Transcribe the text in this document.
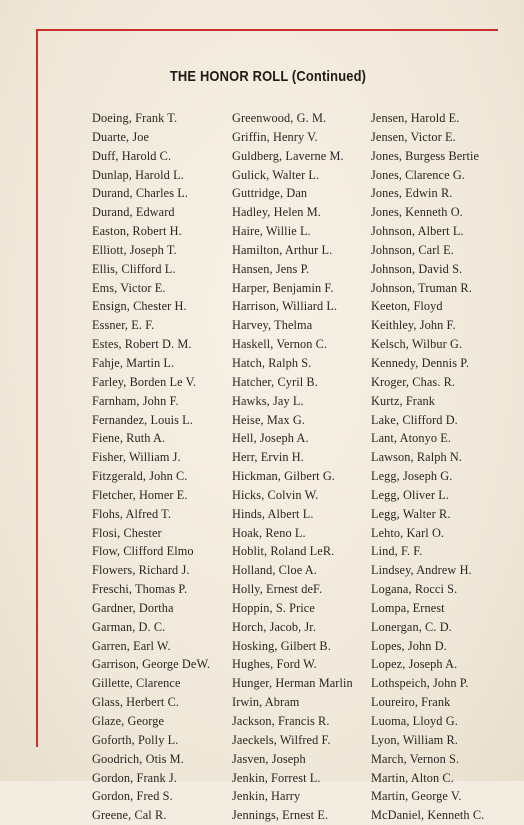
THE HONOR ROLL (Continued)
Doeing, Frank T.
Duarte, Joe
Duff, Harold C.
Dunlap, Harold L.
Durand, Charles L.
Durand, Edward
Easton, Robert H.
Elliott, Joseph T.
Ellis, Clifford L.
Ems, Victor E.
Ensign, Chester H.
Essner, E. F.
Estes, Robert D. M.
Fahje, Martin L.
Farley, Borden Le V.
Farnham, John F.
Fernandez, Louis L.
Fiene, Ruth A.
Fisher, William J.
Fitzgerald, John C.
Fletcher, Homer E.
Flohs, Alfred T.
Flosi, Chester
Flow, Clifford Elmo
Flowers, Richard J.
Freschi, Thomas P.
Gardner, Dortha
Garman, D. C.
Garren, Earl W.
Garrison, George DeW.
Gillette, Clarence
Glass, Herbert C.
Glaze, George
Goforth, Polly L.
Goodrich, Otis M.
Gordon, Frank J.
Gordon, Fred S.
Greene, Cal R.
Greenwood, G. M.
Griffin, Henry V.
Guldberg, Laverne M.
Gulick, Walter L.
Guttridge, Dan
Hadley, Helen M.
Haire, Willie L.
Hamilton, Arthur L.
Hansen, Jens P.
Harper, Benjamin F.
Harrison, Williard L.
Harvey, Thelma
Haskell, Vernon C.
Hatch, Ralph S.
Hatcher, Cyril B.
Hawks, Jay L.
Heise, Max G.
Hell, Joseph A.
Herr, Ervin H.
Hickman, Gilbert G.
Hicks, Colvin W.
Hinds, Albert L.
Hoak, Reno L.
Hoblit, Roland LeR.
Holland, Cloe A.
Holly, Ernest deF.
Hoppin, S. Price
Horch, Jacob, Jr.
Hosking, Gilbert B.
Hughes, Ford W.
Hunger, Herman Marlin
Irwin, Abram
Jackson, Francis R.
Jaeckels, Wilfred F.
Jasven, Joseph
Jenkin, Forrest L.
Jenkin, Harry
Jennings, Ernest E.
Jensen, Harold E.
Jensen, Victor E.
Jones, Burgess Bertie
Jones, Clarence G.
Jones, Edwin R.
Jones, Kenneth O.
Johnson, Albert L.
Johnson, Carl E.
Johnson, David S.
Johnson, Truman R.
Keeton, Floyd
Keithley, John F.
Kelsch, Wilbur G.
Kennedy, Dennis P.
Kroger, Chas. R.
Kurtz, Frank
Lake, Clifford D.
Lant, Atonyo E.
Lawson, Ralph N.
Legg, Joseph G.
Legg, Oliver L.
Legg, Walter R.
Lehto, Karl O.
Lind, F. F.
Lindsey, Andrew H.
Logana, Rocci S.
Lompa, Ernest
Lonergan, C. D.
Lopes, John D.
Lopez, Joseph A.
Lothspeich, John P.
Loureiro, Frank
Luoma, Lloyd G.
Lyon, William R.
March, Vernon S.
Martin, Alton C.
Martin, George V.
McDaniel, Kenneth C.
